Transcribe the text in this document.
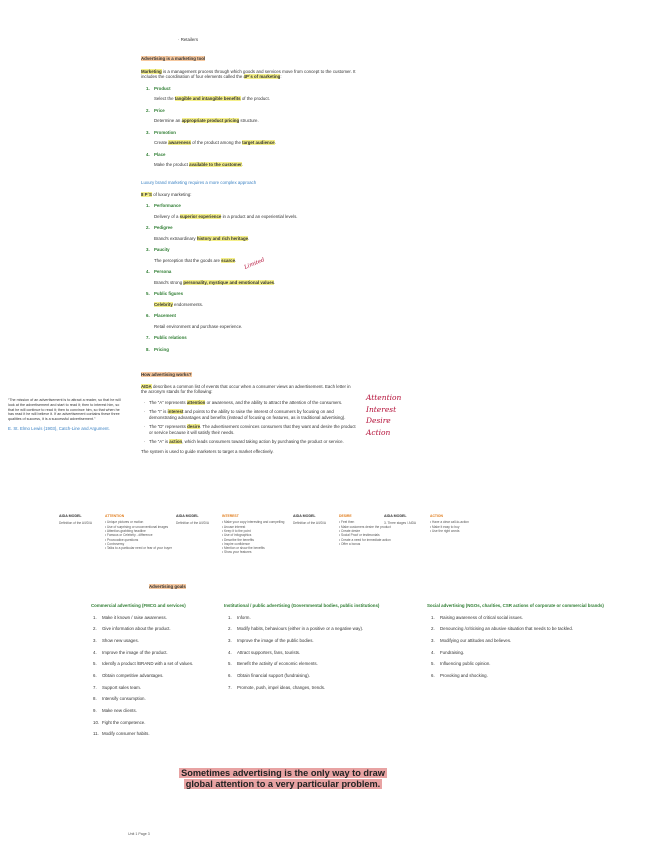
· Retailers
Advertising is a marketing tool
Marketing is a management process through which goods and services move from concept to the customer. It includes the coordination of four elements called the 4P´s of marketing:
1. Product
Select the tangible and intangible benefits of the product.
2. Price
Determine an appropriate product pricing structure.
3. Promotion
Create awareness of the product among the target audience.
4. Place
Make the product available to the customer.
Luxury brand marketing requires a more complex approach
8 P´S of luxury marketing:
1. Performance
Delivery of a superior experience in a product and an experiential levels.
2. Pedigree
Brand's extraordinary history and rich heritage.
3. Paucity
The perception that the goods are scarce.
4. Persona
Brand's strong personality, mystique and emotional values.
5. Public figures
Celebrity endorsements.
6. Placement
Retail environment and purchase experience.
7. Public relations
8. Pricing
Limited
How advertising works?
AIDA describes a common list of events that occur when a consumer views an advertisement. Each letter in the acronym stands for the following:
· The “A” represents attention or awareness, and the ability to attract the attention of the consumers.
· The “I” is interest and points to the ability to raise the interest of consumers by focusing on and demonstrating advantages and benefits (instead of focusing on features, as in traditional advertising).
· The “D” represents desire. The advertisement convinces consumers that they want and desire the product or service because it will satisfy their needs.
· The “A” is action, which leads consumers toward taking action by purchasing the product or service.
The system is used to guide marketers to target a market effectively.
Attention
Interest
Desire
Action
“The mission of an advertisement is to attract a reader, so that he will look at the advertisement and start to read it; then to interest him, so that he will continue to read it; then to convince him, so that when he has read it he will believe it. If an advertisement contains these three qualities of success, it is a successful advertisement.”
E. St. Elmo Lewis (1903), Catch-Line and Argument.
AIDA MODEL
Definition of the A/I/D/A
ATTENTION
• Unique pictures or motion
• Use of surprising or unconventional images
• Attention-grabbing headline
• Famous or Celebrity - difference
• Provocative questions
• Controversy
• Talks to a particular need or fear of your buyer
AIDA MODEL
Definition of the A/I/D/A
INTEREST
• Make your copy interesting and compelling
• Arouse interest
• Keep it to the point
• Use of infographics
• Describe the benefits
• Inspire confidence
• Mention or show the benefits
• Show your features
AIDA MODEL
Definition of the A/I/D/A
DESIRE
• Feel then
• Make customers desire the product
• Create desire
• Social Proof or testimonials
• Create a need for immediate action
• Offer a bonus
AIDA MODEL
3. Three stages / AIDA
ACTION
• Have a clear call-to-action
• Make it easy to buy
• Use the right words
Advertising goals
Commercial advertising (FMCG and services)
1.	Make it known / raise awareness.
2.	Give information about the product.
3.	Show new usages.
4.	Improve the image of the product.
5.	Identify a product /BRAND with a set of values.
6.	Obtain competitive advantages.
7.	Support sales team.
8.	Intensify consumption.
9.	Make new clients.
10. Fight the competence.
11. Modify consumer habits.
Institutional / public advertising (Governmental bodies, public institutions)
1.	Inform.
2.	Modify habits, behaviours (either in a positive or a negative way).
3.	Improve the image of the public bodies.
4.	Attract supporters, fans, tourists.
5.	Benefit the activity of economic elements.
6.	Obtain financial support (fundraising).
7.	Promote, push, impel ideas, changes, trends.
Social advertising (NGOs, charities, CSR actions of corporate or commercial brands)
1.	Raising awareness of critical social issues.
2.	Denouncing /criticising an abusive situation that needs to be tackled.
3.	Modifying our attitudes and believes.
4.	Fundraising.
5.	Influencing public opinion.
6.	Provoking and shocking.
Sometimes advertising is the only way to draw global attention to a very particular problem.
Unit 1 Page 3
